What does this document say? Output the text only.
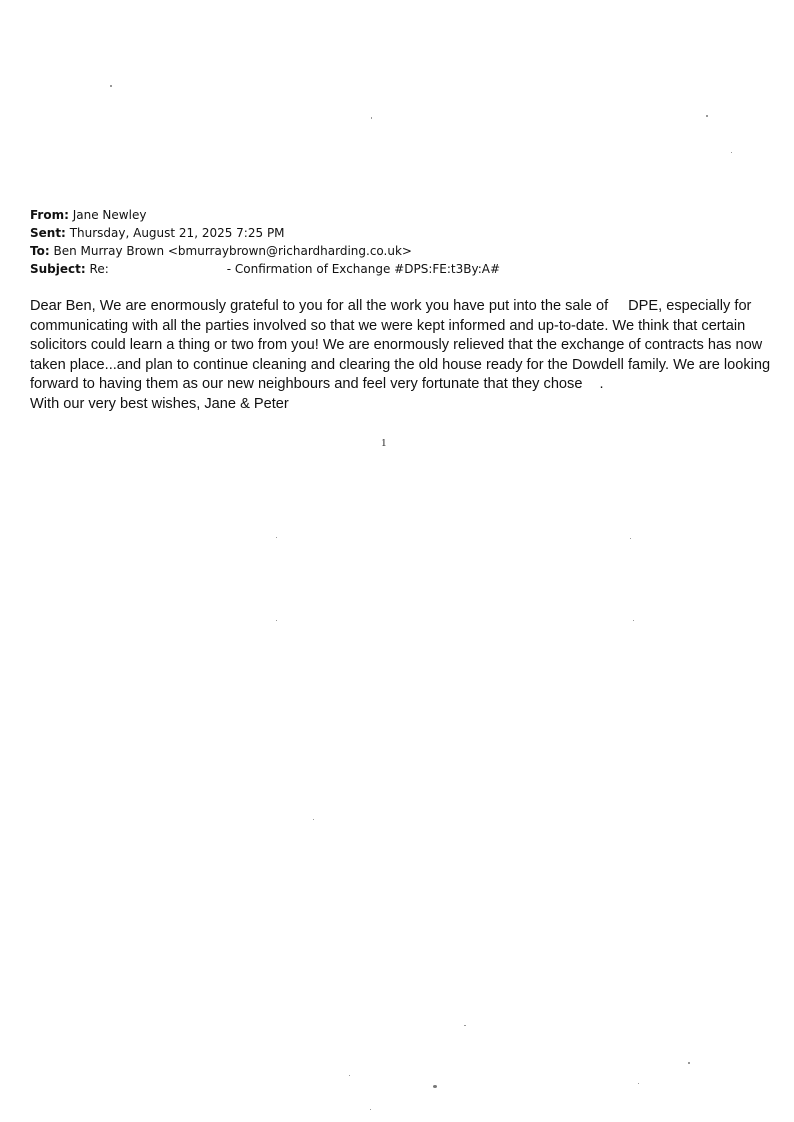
From: Jane Newley
Sent: Thursday, August 21, 2025 7:25 PM
To: Ben Murray Brown <bmurraybrown@richardharding.co.uk>
Subject: Re:	- Confirmation of Exchange #DPS:FE:t3By:A#

Dear Ben, We are enormously grateful to you for all the work you have put into the sale of DPE, especially for communicating with all the parties involved so that we were kept informed and up-to-date. We think that certain solicitors could learn a thing or two from you! We are enormously relieved that the exchange of contracts has now taken place...and plan to continue cleaning and clearing the old house ready for the Dowdell family. We are looking forward to having them as our new neighbours and feel very fortunate that they chose .

With our very best wishes, Jane & Peter

1
